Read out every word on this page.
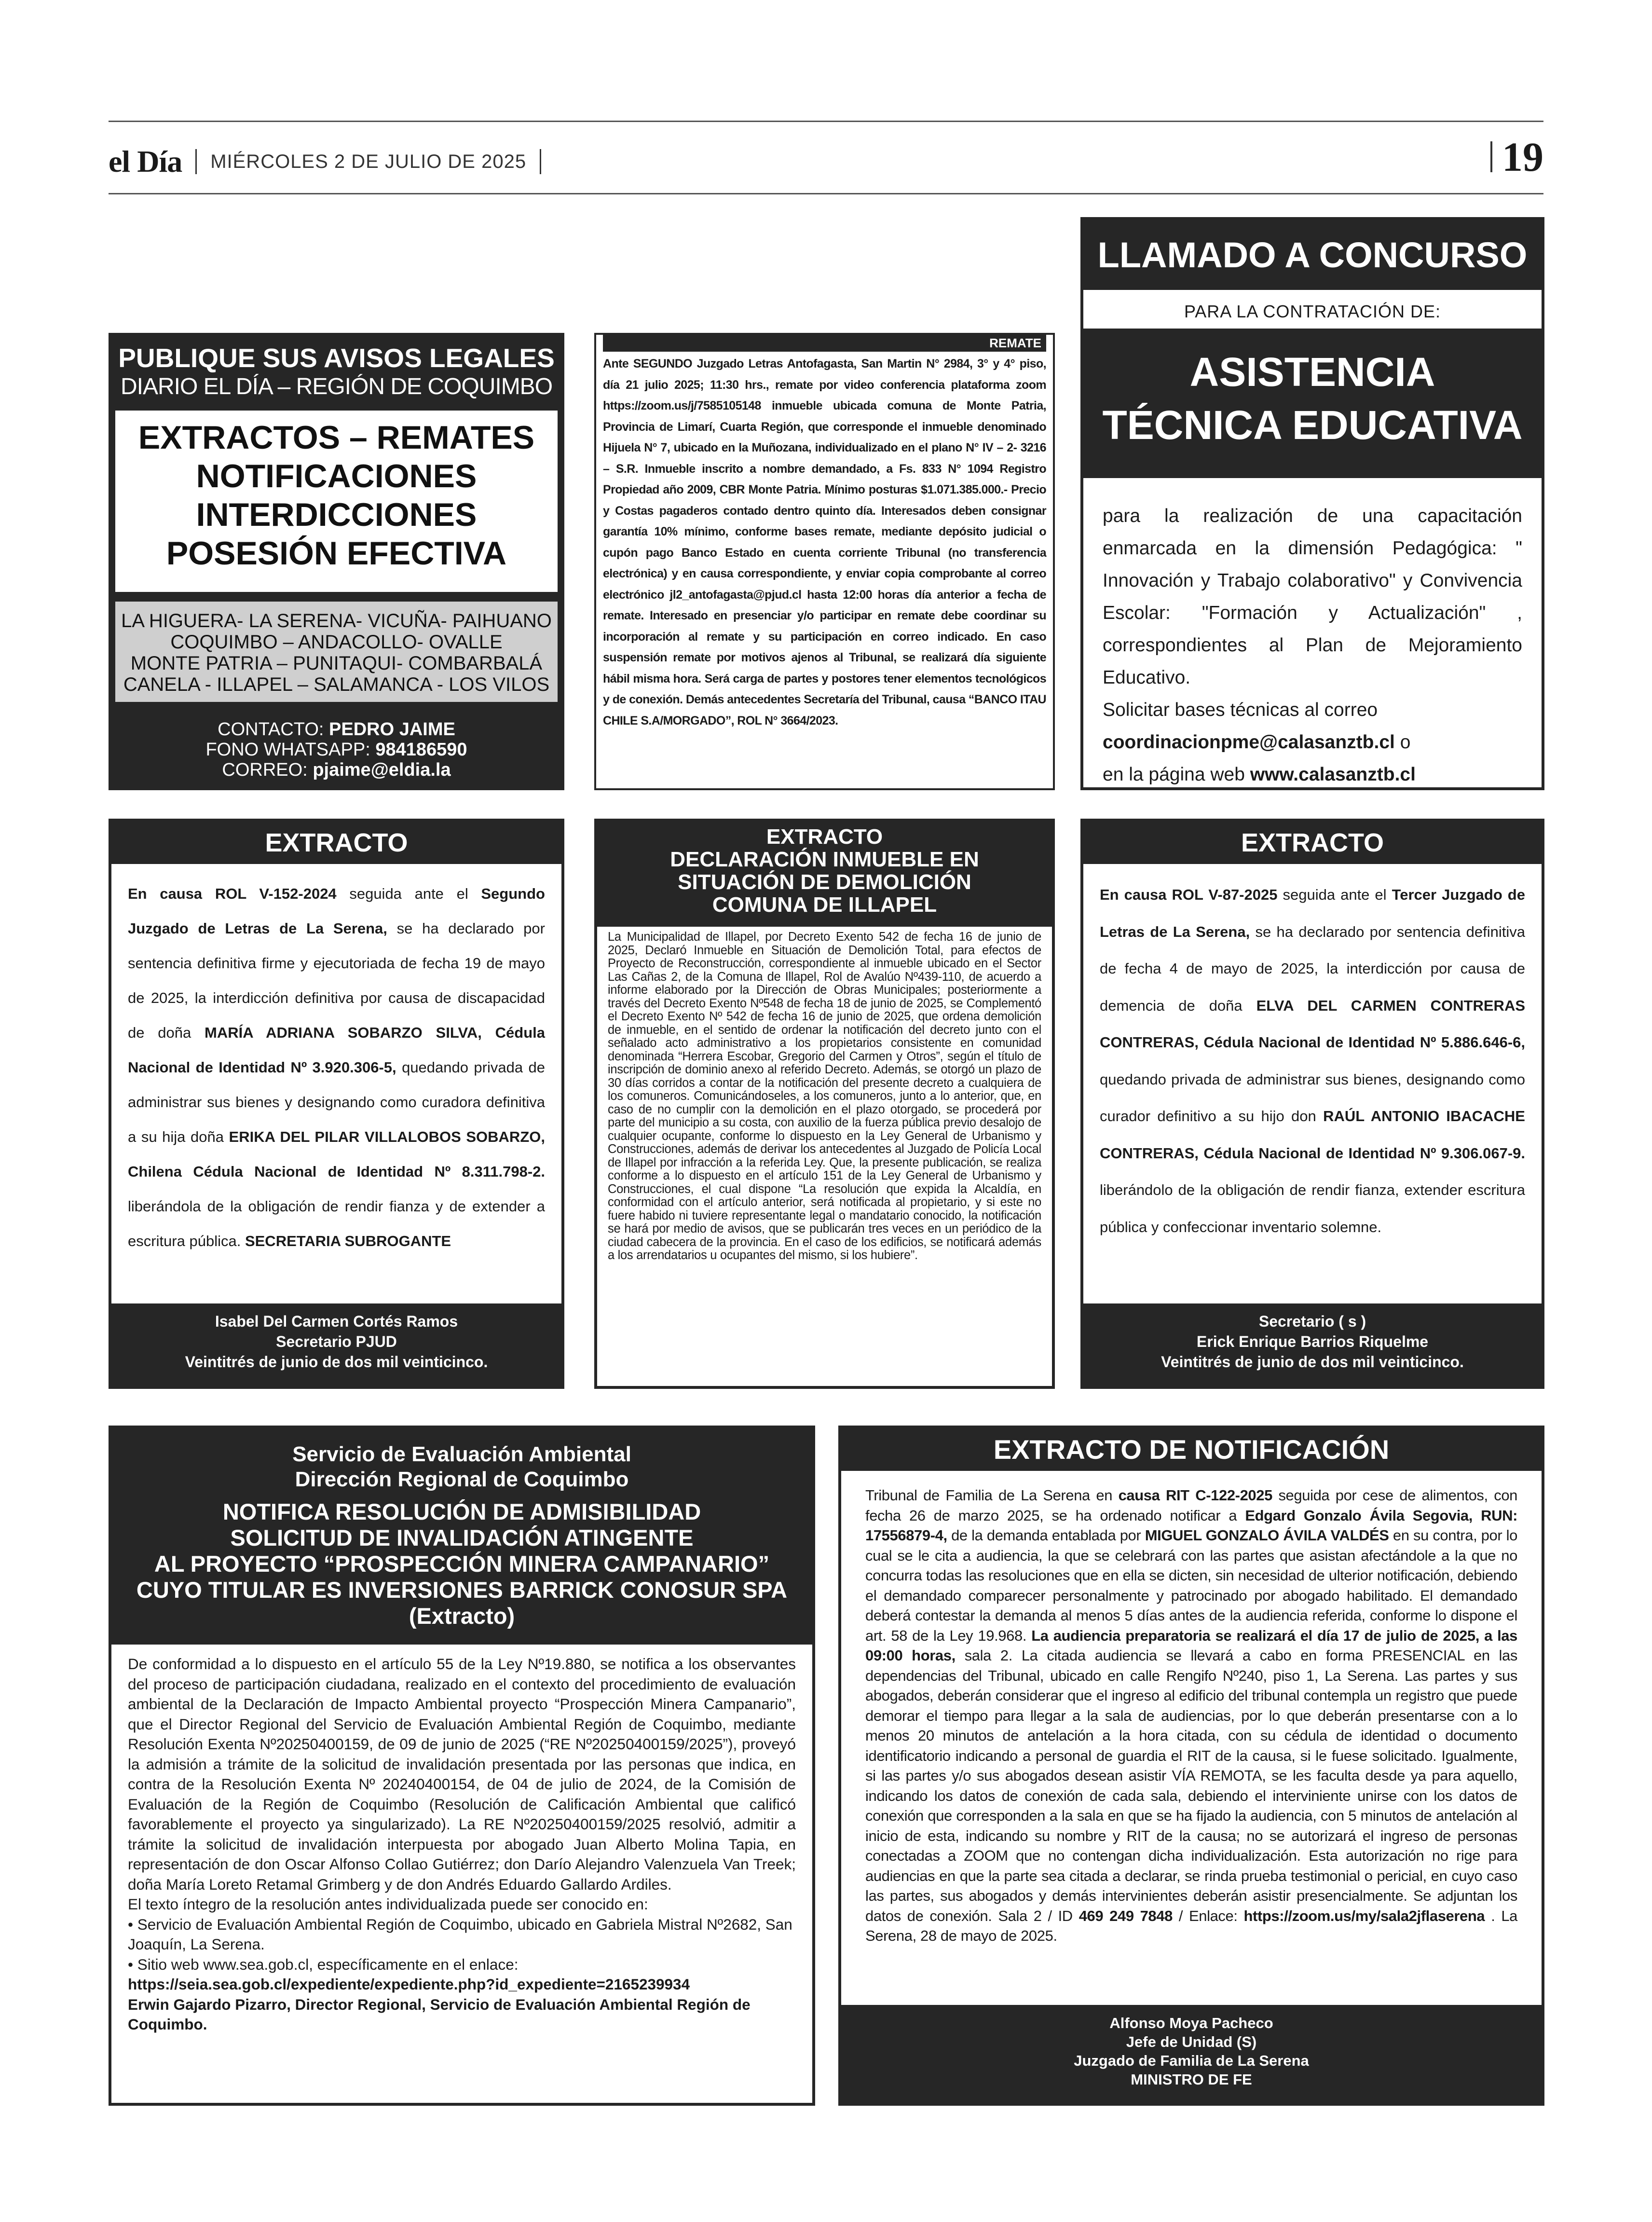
el Día MIÉRCOLES 2 DE JULIO DE 2025	19
PUBLIQUE SUS AVISOS LEGALES
DIARIO EL DÍA – REGIÓN DE COQUIMBO
EXTRACTOS – REMATES
NOTIFICACIONES
INTERDICCIONES
POSESIÓN EFECTIVA
LA HIGUERA- LA SERENA- VICUÑA- PAIHUANO
COQUIMBO – ANDACOLLO- OVALLE
MONTE PATRIA – PUNITAQUI- COMBARBALÁ
CANELA - ILLAPEL – SALAMANCA - LOS VILOS
CONTACTO: PEDRO JAIME
FONO WHATSAPP: 984186590
CORREO: pjaime@eldia.la
REMATE
Ante SEGUNDO Juzgado Letras Antofagasta, San Martin N° 2984, 3° y 4° piso, día 21 julio 2025; 11:30 hrs., remate por video conferencia plataforma zoom https://zoom.us/j/7585105148 inmueble ubicada comuna de Monte Patria, Provincia de Limarí, Cuarta Región, que corresponde el inmueble denominado Hijuela N° 7, ubicado en la Muñozana, individualizado en el plano N° IV – 2- 3216 – S.R. Inmueble inscrito a nombre demandado, a Fs. 833 N° 1094 Registro Propiedad año 2009, CBR Monte Patria. Mínimo posturas $1.071.385.000.- Precio y Costas pagaderos contado dentro quinto día. Interesados deben consignar garantía 10% mínimo, conforme bases remate, mediante depósito judicial o cupón pago Banco Estado en cuenta corriente Tribunal (no transferencia electrónica) y en causa correspondiente, y enviar copia comprobante al correo electrónico jl2_antofagasta@pjud.cl hasta 12:00 horas día anterior a fecha de remate. Interesado en presenciar y/o participar en remate debe coordinar su incorporación al remate y su participación en correo indicado. En caso suspensión remate por motivos ajenos al Tribunal, se realizará día siguiente hábil misma hora. Será carga de partes y postores tener elementos tecnológicos y de conexión. Demás antecedentes Secretaría del Tribunal, causa “BANCO ITAU CHILE S.A/MORGADO”, ROL N° 3664/2023.
LLAMADO A CONCURSO
PARA LA CONTRATACIÓN DE:
ASISTENCIA
TÉCNICA EDUCATIVA
para la realización de una capacitación enmarcada en la dimensión Pedagógica: " Innovación y Trabajo colaborativo" y Convivencia Escolar: "Formación y Actualización" , correspondientes al Plan de Mejoramiento Educativo.
Solicitar bases técnicas al correo
coordinacionpme@calasanztb.cl o
en la página web www.calasanztb.cl
EXTRACTO
En causa ROL V-152-2024 seguida ante el Segundo Juzgado de Letras de La Serena, se ha declarado por sentencia definitiva firme y ejecutoriada de fecha 19 de mayo de 2025, la interdicción definitiva por causa de discapacidad de doña MARÍA ADRIANA SOBARZO SILVA, Cédula Nacional de Identidad Nº 3.920.306-5, quedando privada de administrar sus bienes y designando como curadora definitiva a su hija doña ERIKA DEL PILAR VILLALOBOS SOBARZO, Chilena Cédula Nacional de Identidad Nº 8.311.798-2. liberándola de la obligación de rendir fianza y de extender a escritura pública. SECRETARIA SUBROGANTE
Isabel Del Carmen Cortés Ramos
Secretario PJUD
Veintitrés de junio de dos mil veinticinco.
EXTRACTO
DECLARACIÓN INMUEBLE EN
SITUACIÓN DE DEMOLICIÓN
COMUNA DE ILLAPEL
La Municipalidad de Illapel, por Decreto Exento 542 de fecha 16 de junio de 2025, Declaró Inmueble en Situación de Demolición Total, para efectos de Proyecto de Reconstrucción, correspondiente al inmueble ubicado en el Sector Las Cañas 2, de la Comuna de Illapel, Rol de Avalúo Nº439-110, de acuerdo a informe elaborado por la Dirección de Obras Municipales; posteriormente a través del Decreto Exento Nº548 de fecha 18 de junio de 2025, se Complementó el Decreto Exento Nº 542 de fecha 16 de junio de 2025, que ordena demolición de inmueble, en el sentido de ordenar la notificación del decreto junto con el señalado acto administrativo a los propietarios consistente en comunidad denominada “Herrera Escobar, Gregorio del Carmen y Otros”, según el título de inscripción de dominio anexo al referido Decreto. Además, se otorgó un plazo de 30 días corridos a contar de la notificación del presente decreto a cualquiera de los comuneros. Comunicándoseles, a los comuneros, junto a lo anterior, que, en caso de no cumplir con la demolición en el plazo otorgado, se procederá por parte del municipio a su costa, con auxilio de la fuerza pública previo desalojo de cualquier ocupante, conforme lo dispuesto en la Ley General de Urbanismo y Construcciones, además de derivar los antecedentes al Juzgado de Policía Local de Illapel por infracción a la referida Ley. Que, la presente publicación, se realiza conforme a lo dispuesto en el artículo 151 de la Ley General de Urbanismo y Construcciones, el cual dispone “La resolución que expida la Alcaldía, en conformidad con el artículo anterior, será notificada al propietario, y si este no fuere habido ni tuviere representante legal o mandatario conocido, la notificación se hará por medio de avisos, que se publicarán tres veces en un periódico de la ciudad cabecera de la provincia. En el caso de los edificios, se notificará además a los arrendatarios u ocupantes del mismo, si los hubiere”.
EXTRACTO
En causa ROL V-87-2025 seguida ante el Tercer Juzgado de Letras de La Serena, se ha declarado por sentencia definitiva de fecha 4 de mayo de 2025, la interdicción por causa de demencia de doña ELVA DEL CARMEN CONTRERAS CONTRERAS, Cédula Nacional de Identidad Nº 5.886.646-6, quedando privada de administrar sus bienes, designando como curador definitivo a su hijo don RAÚL ANTONIO IBACACHE CONTRERAS, Cédula Nacional de Identidad Nº 9.306.067-9. liberándolo de la obligación de rendir fianza, extender escritura pública y confeccionar inventario solemne.
Secretario ( s )
Erick Enrique Barrios Riquelme
Veintitrés de junio de dos mil veinticinco.
Servicio de Evaluación Ambiental
Dirección Regional de Coquimbo
NOTIFICA RESOLUCIÓN DE ADMISIBILIDAD
SOLICITUD DE INVALIDACIÓN ATINGENTE
AL PROYECTO “PROSPECCIÓN MINERA CAMPANARIO”
CUYO TITULAR ES INVERSIONES BARRICK CONOSUR SPA
(Extracto)
De conformidad a lo dispuesto en el artículo 55 de la Ley Nº19.880, se notifica a los observantes del proceso de participación ciudadana, realizado en el contexto del procedimiento de evaluación ambiental de la Declaración de Impacto Ambiental proyecto “Prospección Minera Campanario”, que el Director Regional del Servicio de Evaluación Ambiental Región de Coquimbo, mediante Resolución Exenta Nº20250400159, de 09 de junio de 2025 (“RE Nº20250400159/2025”), proveyó la admisión a trámite de la solicitud de invalidación presentada por las personas que indica, en contra de la Resolución Exenta Nº 20240400154, de 04 de julio de 2024, de la Comisión de Evaluación de la Región de Coquimbo (Resolución de Calificación Ambiental que calificó favorablemente el proyecto ya singularizado). La RE Nº20250400159/2025 resolvió, admitir a trámite la solicitud de invalidación interpuesta por abogado Juan Alberto Molina Tapia, en representación de don Oscar Alfonso Collao Gutiérrez; don Darío Alejandro Valenzuela Van Treek; doña María Loreto Retamal Grimberg y de don Andrés Eduardo Gallardo Ardiles.
El texto íntegro de la resolución antes individualizada puede ser conocido en:
• Servicio de Evaluación Ambiental Región de Coquimbo, ubicado en Gabriela Mistral Nº2682, San Joaquín, La Serena.
• Sitio web www.sea.gob.cl, específicamente en el enlace:
https://seia.sea.gob.cl/expediente/expediente.php?id_expediente=2165239934
Erwin Gajardo Pizarro, Director Regional, Servicio de Evaluación Ambiental Región de Coquimbo.
EXTRACTO DE NOTIFICACIÓN
Tribunal de Familia de La Serena en causa RIT C-122-2025 seguida por cese de alimentos, con fecha 26 de marzo 2025, se ha ordenado notificar a Edgard Gonzalo Ávila Segovia, RUN: 17556879-4, de la demanda entablada por MIGUEL GONZALO ÁVILA VALDÉS en su contra, por lo cual se le cita a audiencia, la que se celebrará con las partes que asistan afectándole a la que no concurra todas las resoluciones que en ella se dicten, sin necesidad de ulterior notificación, debiendo el demandado comparecer personalmente y patrocinado por abogado habilitado. El demandado deberá contestar la demanda al menos 5 días antes de la audiencia referida, conforme lo dispone el art. 58 de la Ley 19.968. La audiencia preparatoria se realizará el día 17 de julio de 2025, a las 09:00 horas, sala 2. La citada audiencia se llevará a cabo en forma PRESENCIAL en las dependencias del Tribunal, ubicado en calle Rengifo Nº240, piso 1, La Serena. Las partes y sus abogados, deberán considerar que el ingreso al edificio del tribunal contempla un registro que puede demorar el tiempo para llegar a la sala de audiencias, por lo que deberán presentarse con a lo menos 20 minutos de antelación a la hora citada, con su cédula de identidad o documento identificatorio indicando a personal de guardia el RIT de la causa, si le fuese solicitado. Igualmente, si las partes y/o sus abogados desean asistir VÍA REMOTA, se les faculta desde ya para aquello, indicando los datos de conexión de cada sala, debiendo el interviniente unirse con los datos de conexión que corresponden a la sala en que se ha fijado la audiencia, con 5 minutos de antelación al inicio de esta, indicando su nombre y RIT de la causa; no se autorizará el ingreso de personas conectadas a ZOOM que no contengan dicha individualización. Esta autorización no rige para audiencias en que la parte sea citada a declarar, se rinda prueba testimonial o pericial, en cuyo caso las partes, sus abogados y demás intervinientes deberán asistir presencialmente. Se adjuntan los datos de conexión. Sala 2 / ID 469 249 7848 / Enlace: https://zoom.us/my/sala2jflaserena . La Serena, 28 de mayo de 2025.
Alfonso Moya Pacheco
Jefe de Unidad (S)
Juzgado de Familia de La Serena
MINISTRO DE FE
